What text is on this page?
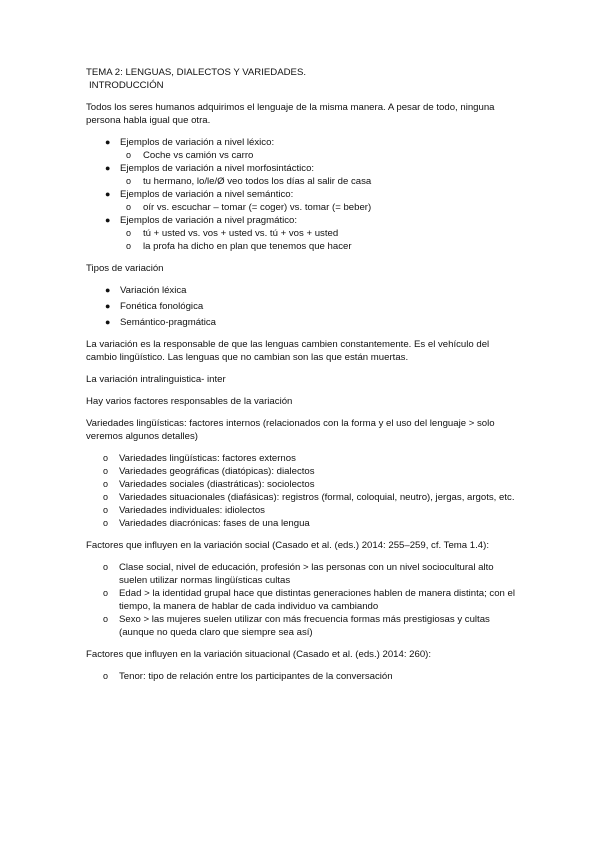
TEMA 2: LENGUAS, DIALECTOS Y VARIEDADES.

INTRODUCCIÓN

Todos los seres humanos adquirimos el lenguaje de la misma manera. A pesar de todo, ninguna persona habla igual que otra.

● Ejemplos de variación a nivel léxico:
o Coche vs camión vs carro
● Ejemplos de variación a nivel morfosintáctico:
o tu hermano, lo/le/Ø veo todos los días al salir de casa
● Ejemplos de variación a nivel semántico:
o oír vs. escuchar – tomar (= coger) vs. tomar (= beber)
● Ejemplos de variación a nivel pragmático:
o tú + usted vs. vos + usted vs. tú + vos + usted
o la profa ha dicho en plan que tenemos que hacer

Tipos de variación

● Variación léxica
● Fonética fonológica
● Semántico-pragmática

La variación es la responsable de que las lenguas cambien constantemente. Es el vehículo del cambio lingüístico. Las lenguas que no cambian son las que están muertas.

La variación intralinguistica- inter

Hay varios factores responsables de la variación

Variedades lingüísticas: factores internos (relacionados con la forma y el uso del lenguaje > solo veremos algunos detalles)

o Variedades lingüísticas: factores externos
o Variedades geográficas (diatópicas): dialectos
o Variedades sociales (diastráticas): sociolectos
o Variedades situacionales (diafásicas): registros (formal, coloquial, neutro), jergas, argots, etc.
o Variedades individuales: idiolectos
o Variedades diacrónicas: fases de una lengua

Factores que influyen en la variación social (Casado et al. (eds.) 2014: 255–259, cf. Tema 1.4):

o Clase social, nivel de educación, profesión > las personas con un nivel sociocultural alto suelen utilizar normas lingüísticas cultas
o Edad > la identidad grupal hace que distintas generaciones hablen de manera distinta; con el tiempo, la manera de hablar de cada individuo va cambiando
o Sexo > las mujeres suelen utilizar con más frecuencia formas más prestigiosas y cultas (aunque no queda claro que siempre sea así)

Factores que influyen en la variación situacional (Casado et al. (eds.) 2014: 260):

o Tenor: tipo de relación entre los participantes de la conversación
